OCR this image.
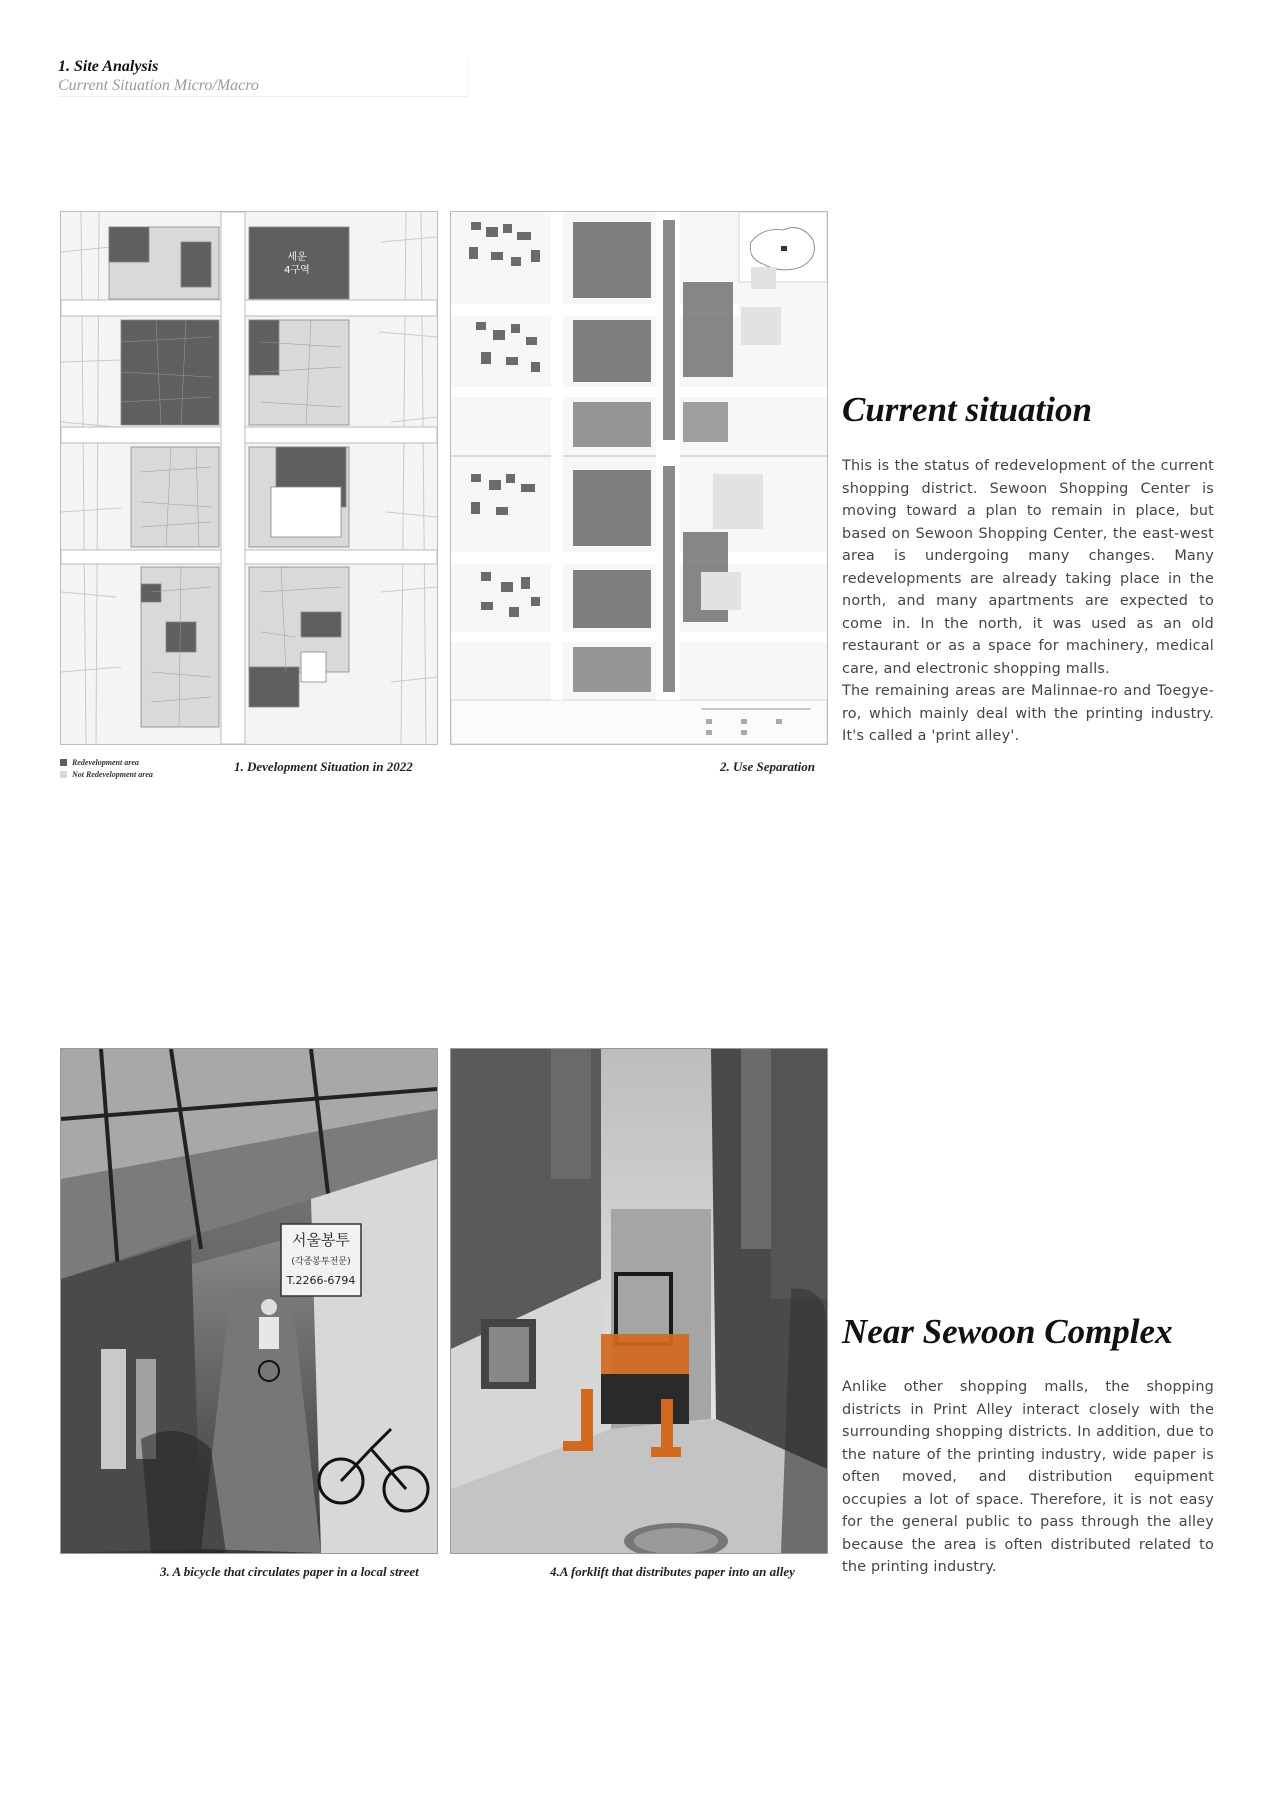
1. Site Analysis
Current Situation Micro/Macro
세운
4구역
Redevelopment area
Not Redevelopment area
1. Development Situation in 2022	2. Use Separation
Current situation
This is the status of redevelopment of the current shopping district. Sewoon Shopping Center is moving toward a plan to remain in place, but based on Sewoon Shopping Center, the east-west area is undergoing many changes. Many redevelopments are already taking place in the north, and many apartments are expected to come in. In the north, it was used as an old restaurant or as a space for machinery, medical care, and electronic shopping malls.
The remaining areas are Malinnae-ro and Toegye-ro, which mainly deal with the printing industry. It's called a 'print alley'.
서울봉투
(각종봉투전문)
T.2266-6794
3. A bicycle that circulates paper in a local street	4.A forklift that distributes paper into an alley
Near Sewoon Complex
Anlike other shopping malls, the shopping districts in Print Alley interact closely with the surrounding shopping districts. In addition, due to the nature of the printing industry, wide paper is often moved, and distribution equipment occupies a lot of space. Therefore, it is not easy for the general public to pass through the alley because the area is often distributed related to the printing industry.
